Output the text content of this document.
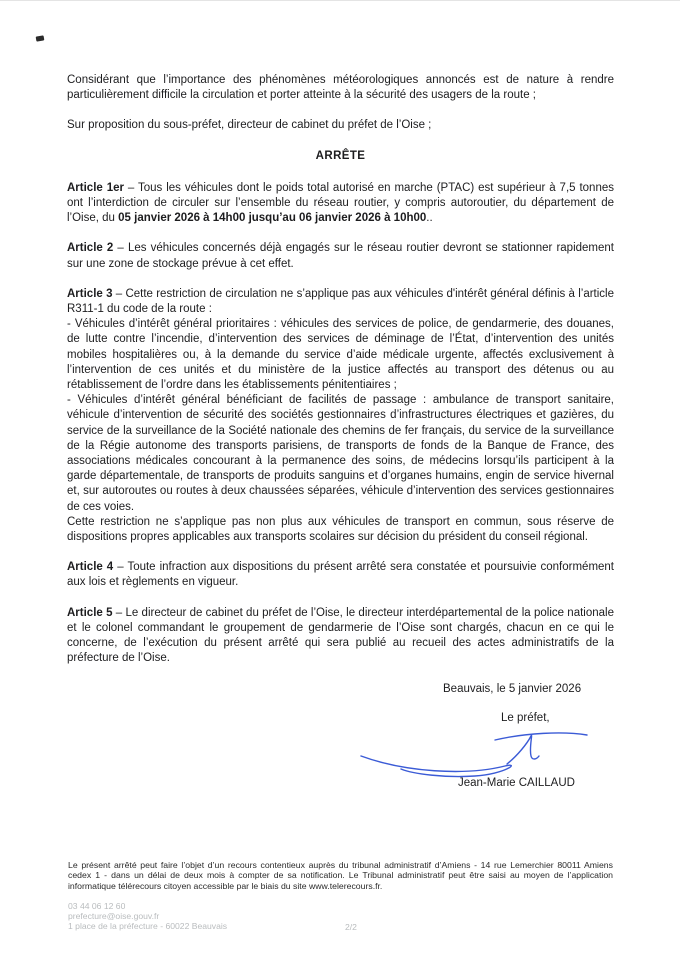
Considérant que l’importance des phénomènes météorologiques annoncés est de nature à rendre particulièrement difficile la circulation et porter atteinte à la sécurité des usagers de la route ;

Sur proposition du sous-préfet, directeur de cabinet du préfet de l’Oise ;

ARRÊTE

Article 1er – Tous les véhicules dont le poids total autorisé en marche (PTAC) est supérieur à 7,5 tonnes ont l’interdiction de circuler sur l’ensemble du réseau routier, y compris autoroutier, du département de l’Oise, du 05 janvier 2026 à 14h00 jusqu’au 06 janvier 2026 à 10h00..

Article 2 – Les véhicules concernés déjà engagés sur le réseau routier devront se stationner rapidement sur une zone de stockage prévue à cet effet.

Article 3 – Cette restriction de circulation ne s’applique pas aux véhicules d'intérêt général définis à l’article R311-1 du code de la route :

- Véhicules d’intérêt général prioritaires : véhicules des services de police, de gendarmerie, des douanes, de lutte contre l’incendie, d’intervention des services de déminage de l’État, d’intervention des unités mobiles hospitalières ou, à la demande du service d’aide médicale urgente, affectés exclusivement à l’intervention de ces unités et du ministère de la justice affectés au transport des détenus ou au rétablissement de l’ordre dans les établissements pénitentiaires ;

- Véhicules d’intérêt général bénéficiant de facilités de passage : ambulance de transport sanitaire, véhicule d’intervention de sécurité des sociétés gestionnaires d’infrastructures électriques et gazières, du service de la surveillance de la Société nationale des chemins de fer français, du service de la surveillance de la Régie autonome des transports parisiens, de transports de fonds de la Banque de France, des associations médicales concourant à la permanence des soins, de médecins lorsqu’ils participent à la garde départementale, de transports de produits sanguins et d’organes humains, engin de service hivernal et, sur autoroutes ou routes à deux chaussées séparées, véhicule d’intervention des services gestionnaires de ces voies.

Cette restriction ne s’applique pas non plus aux véhicules de transport en commun, sous réserve de dispositions propres applicables aux transports scolaires sur décision du président du conseil régional.

Article 4 – Toute infraction aux dispositions du présent arrêté sera constatée et poursuivie conformément aux lois et règlements en vigueur.

Article 5 – Le directeur de cabinet du préfet de l’Oise, le directeur interdépartemental de la police nationale et le colonel commandant le groupement de gendarmerie de l’Oise sont chargés, chacun en ce qui le concerne, de l’exécution du présent arrêté qui sera publié au recueil des actes administratifs de la préfecture de l’Oise.

Beauvais, le 5 janvier 2026

Le préfet,

Jean-Marie CAILLAUD

Le présent arrêté peut faire l’objet d’un recours contentieux auprès du tribunal administratif d’Amiens - 14 rue Lemerchier 80011 Amiens cedex 1 - dans un délai de deux mois à compter de sa notification. Le Tribunal administratif peut être saisi au moyen de l’application informatique télérecours citoyen accessible par le biais du site www.telerecours.fr.

03 44 06 12 60
prefecture@oise.gouv.fr
1 place de la préfecture - 60022 Beauvais	2/2
